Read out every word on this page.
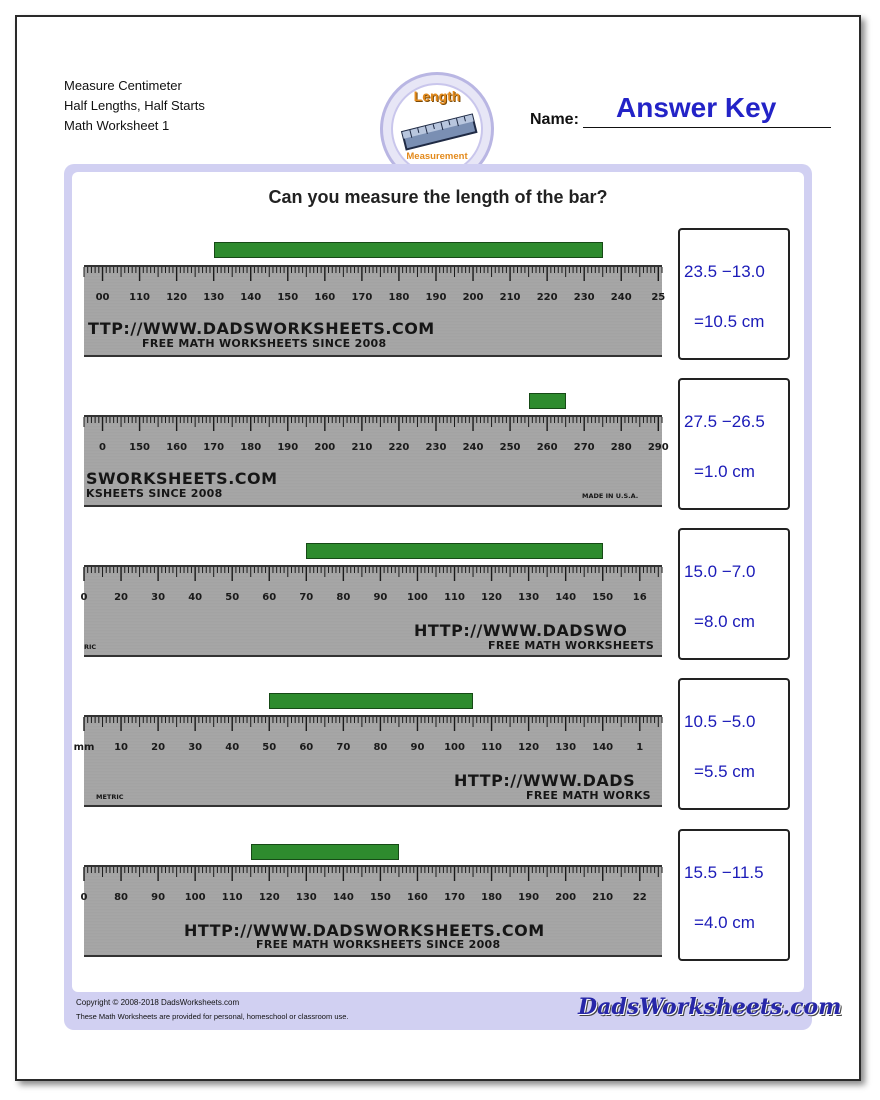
Measure Centimeter
Half Lengths, Half Starts
Math Worksheet 1
Length
Measurement
Name: Answer Key
Can you measure the length of the bar?
00 110 120 130 140 150 160 170 180 190 200 210 220 230 240 25
TTP://WWW.DADSWORKSHEETS.COM
FREE MATH WORKSHEETS SINCE 2008
23.5 −13.0
=10.5 cm
0 150 160 170 180 190 200 210 220 230 240 250 260 270 280 290
SWORKSHEETS.COM
KSHEETS SINCE 2008	MADE IN U.S.A.
27.5 −26.5
=1.0 cm
0	20 30 40 50 60 70 80 90 100 110 120 130 140 150 16
HTTP://WWW.DADSWO
FREE MATH WORKSHEETS
RIC
15.0 −7.0
=8.0 cm
mm 10 20 30 40 50 60 70 80 90 100 110 120 130 140 1
HTTP://WWW.DADS
FREE MATH WORKS
METRIC
10.5 −5.0
=5.5 cm
0	80 90 100 110 120 130 140 150 160 170 180 190 200 210 22
HTTP://WWW.DADSWORKSHEETS.COM
FREE MATH WORKSHEETS SINCE 2008
15.5 −11.5
=4.0 cm
Copyright © 2008-2018 DadsWorksheets.com
These Math Worksheets are provided for personal, homeschool or classroom use.	DadsWorksheets.com
